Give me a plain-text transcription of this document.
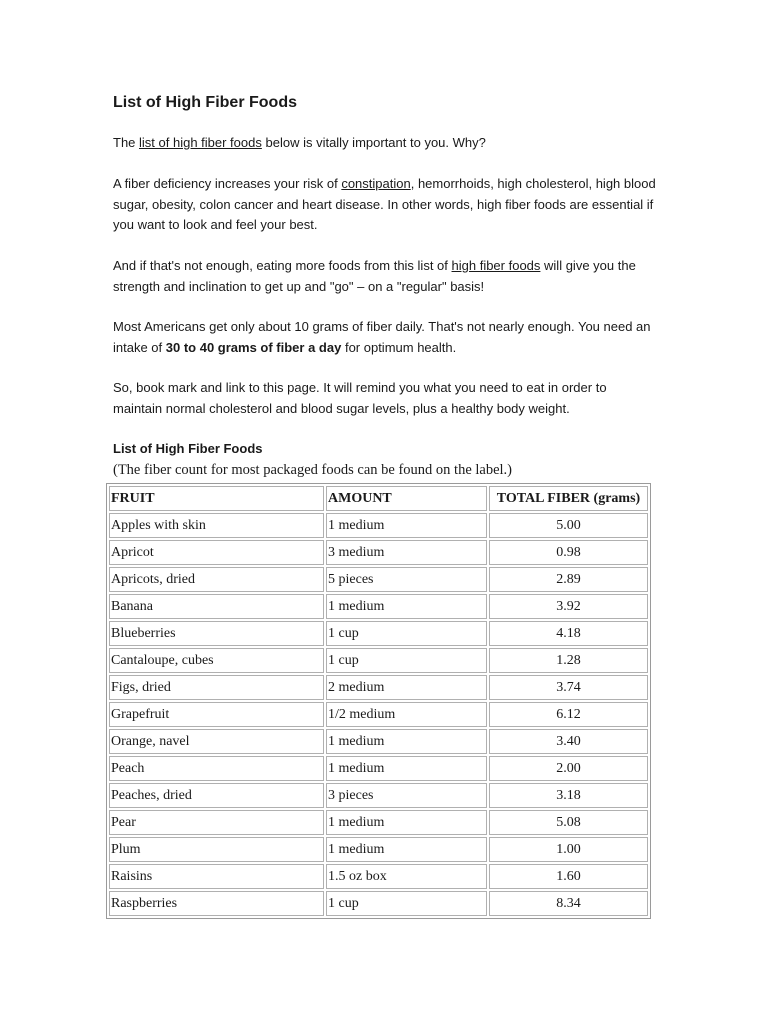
List of High Fiber Foods

The list of high fiber foods below is vitally important to you. Why?

A fiber deficiency increases your risk of constipation, hemorrhoids, high cholesterol, high blood sugar, obesity, colon cancer and heart disease. In other words, high fiber foods are essential if you want to look and feel your best.

And if that's not enough, eating more foods from this list of high fiber foods will give you the strength and inclination to get up and "go" – on a "regular" basis!

Most Americans get only about 10 grams of fiber daily. That's not nearly enough. You need an intake of 30 to 40 grams of fiber a day for optimum health.

So, book mark and link to this page. It will remind you what you need to eat in order to maintain normal cholesterol and blood sugar levels, plus a healthy body weight.

List of High Fiber Foods
(The fiber count for most packaged foods can be found on the label.)
FRUIT	AMOUNT	TOTAL FIBER (grams)
Apples with skin	1 medium	5.00
Apricot	3 medium	0.98
Apricots, dried	5 pieces	2.89
Banana	1 medium	3.92
Blueberries	1 cup	4.18
Cantaloupe, cubes	1 cup	1.28
Figs, dried	2 medium	3.74
Grapefruit	1/2 medium	6.12
Orange, navel	1 medium	3.40
Peach	1 medium	2.00
Peaches, dried	3 pieces	3.18
Pear	1 medium	5.08
Plum	1 medium	1.00
Raisins	1.5 oz box	1.60
Raspberries	1 cup	8.34
